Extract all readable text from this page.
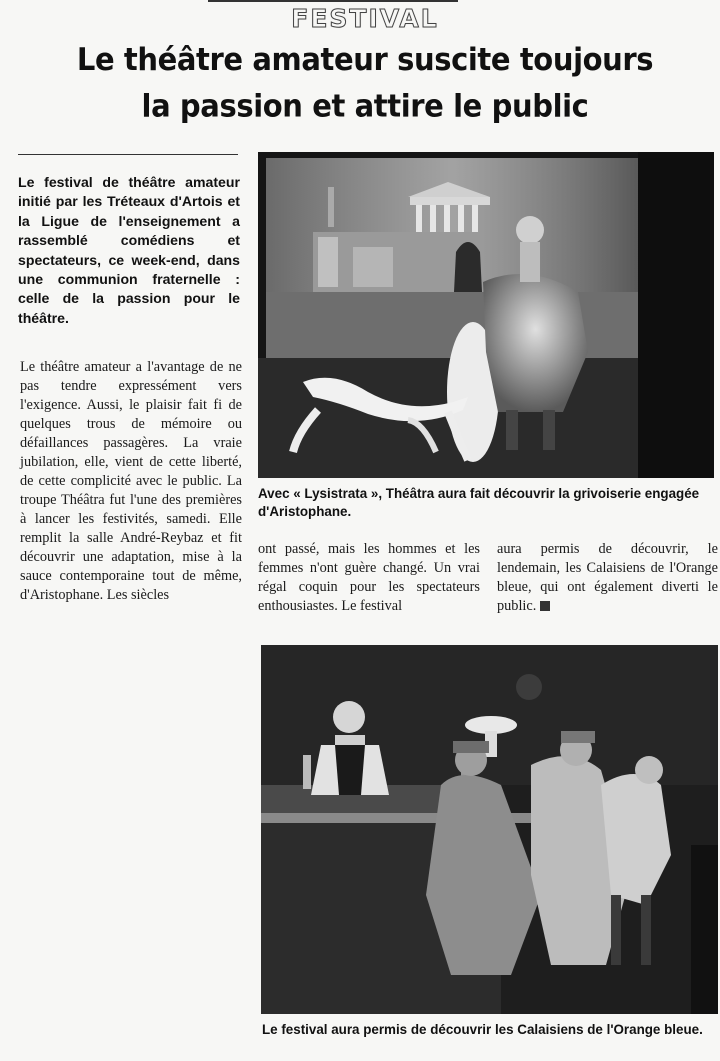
FESTIVAL
Le théâtre amateur suscite toujours
la passion et attire le public
Le festival de théâtre amateur initié par les Tréteaux d'Artois et la Ligue de l'enseignement a rassemblé comédiens et spectateurs, ce week-end, dans une communion fraternelle : celle de la passion pour le théâtre.
Le théâtre amateur a l'avantage de ne pas tendre expressément vers l'exigence. Aussi, le plaisir fait fi de quelques trous de mémoire ou défaillances passagères. La vraie jubilation, elle, vient de cette liberté, de cette complicité avec le public. La troupe Théâtra fut l'une des premières à lancer les festivités, samedi. Elle remplit la salle André-Reybaz et fit découvrir une adaptation, mise à la sauce contemporaine tout de même, d'Aristophane. Les siècles
Avec « Lysistrata », Théâtra aura fait découvrir la grivoiserie engagée d'Aristophane.
ont passé, mais les hommes et les femmes n'ont guère changé. Un vrai régal coquin pour les spectateurs enthousiastes. Le festival
aura permis de découvrir, le lendemain, les Calaisiens de l'Orange bleue, qui ont également diverti le public.
Le festival aura permis de découvrir les Calaisiens de l'Orange bleue.
